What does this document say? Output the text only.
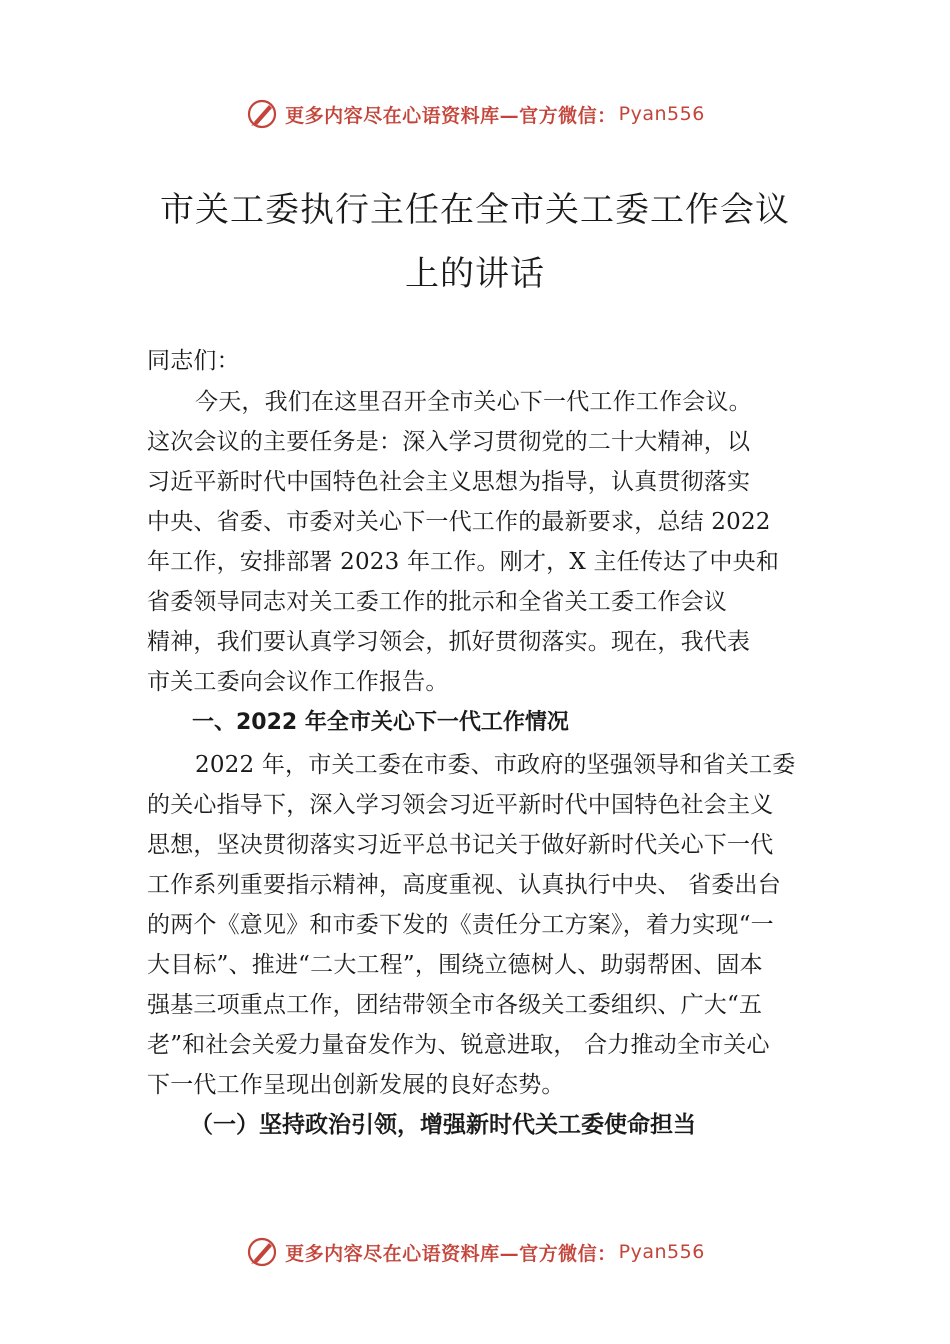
更多内容尽在心语资料库—官方微信： Pyan556
市关工委执行主任在全市关工委工作会议
上的讲话
同志们：
今天，我们在这里召开全市关心下一代工作工作会议。
这次会议的主要任务是：深入学习贯彻党的二十大精神，以
习近平新时代中国特色社会主义思想为指导，认真贯彻落实
中央、省委、市委对关心下一代工作的最新要求，总结 2022
年工作，安排部署 2023 年工作。刚才，X 主任传达了中央和
省委领导同志对关工委工作的批示和全省关工委工作会议
精神，我们要认真学习领会，抓好贯彻落实。现在，我代表
市关工委向会议作工作报告。
一、2022 年全市关心下一代工作情况
2022 年，市关工委在市委、市政府的坚强领导和省关工委
的关心指导下，深入学习领会习近平新时代中国特色社会主义
思想，坚决贯彻落实习近平总书记关于做好新时代关心下一代
工作系列重要指示精神，高度重视、认真执行中央、 省委出台
的两个《意见》和市委下发的《责任分工方案》，着力实现“一
大目标”、推进“二大工程”，围绕立德树人、助弱帮困、固本
强基三项重点工作，团结带领全市各级关工委组织、广大“五
老”和社会关爱力量奋发作为、锐意进取， 合力推动全市关心
下一代工作呈现出创新发展的良好态势。
（一）坚持政治引领，增强新时代关工委使命担当
更多内容尽在心语资料库—官方微信： Pyan556
